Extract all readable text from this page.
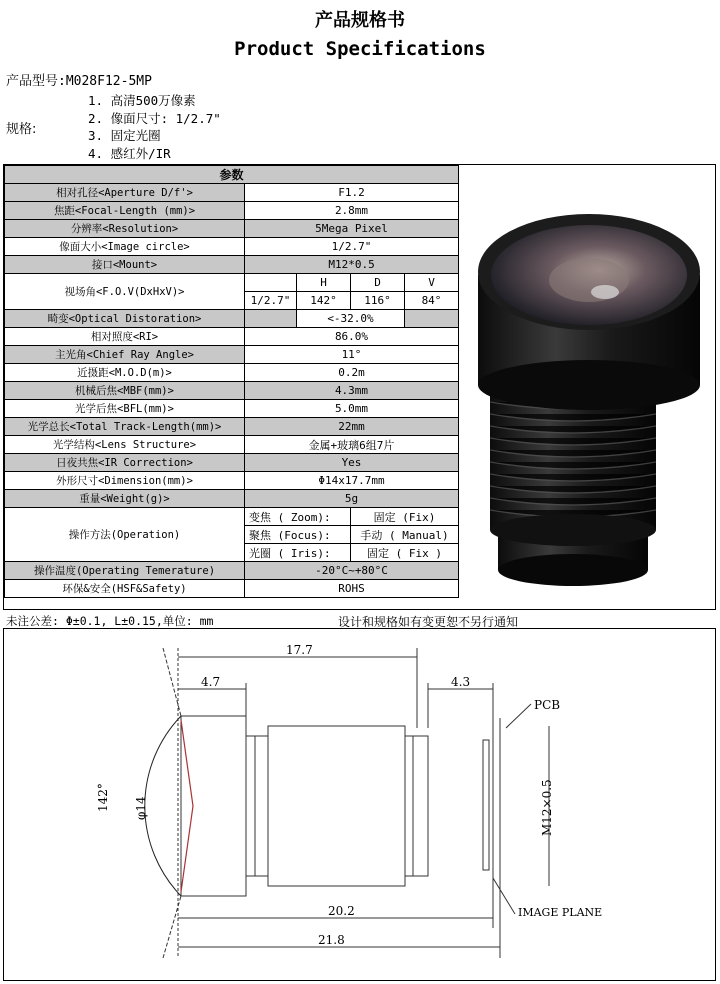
产品规格书
Product Specifications
产品型号:M028F12-5MP
规格:
1. 高清500万像素
2. 像面尺寸: 1/2.7"
3. 固定光圈
4. 感红外/IR
参数				
相对孔径<Aperture D/f'>	F1.2			
焦距<Focal-Length (mm)>	2.8mm			
分辨率<Resolution>	5Mega Pixel			
像面大小<Image circle>	1/2.7"			
接口<Mount>	M12*0.5			
视场角<F.O.V(DxHxV)>		H	D	V
	1/2.7"	142°	116°	84°
畸变<Optical Distoration>		<-32.0%		
相对照度<RI>	86.0%			
主光角<Chief Ray Angle>	11°			
近摄距<M.O.D(m)>	0.2m			
机械后焦<MBF(mm)>	4.3mm			
光学后焦<BFL(mm)>	5.0mm			
光学总长<Total Track-Length(mm)>	22mm			
光学结构<Lens Structure>	金属+玻璃6组7片			
日夜共焦<IR Correction>	Yes			
外形尺寸<Dimension(mm)>	Φ14x17.7mm			
重量<Weight(g)>	5g			
操作方法(Operation)	变焦 ( Zoom):		固定 (Fix)	
	聚焦 (Focus):		手动 ( Manual)	
	光圈 ( Iris):		固定 ( Fix )	
操作温度(Operating Temerature)	-20°C~+80°C			
环保&安全(HSF&Safety)	ROHS			
未注公差: Φ±0.1, L±0.15,单位: mm	设计和规格如有变更恕不另行通知
17.7
4.7	4.3
20.2
21.8
142° φ14	M12×0.5
PCB
IMAGE PLANE
